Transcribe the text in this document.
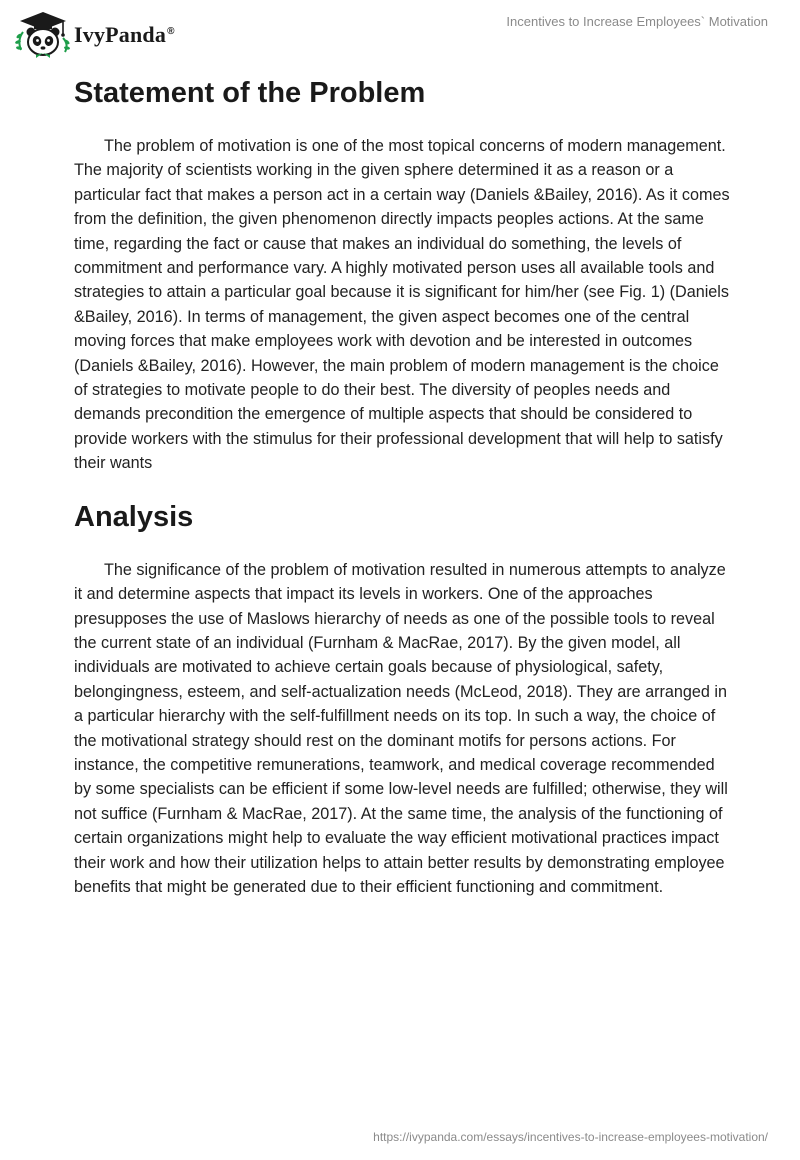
IvyPanda®
Incentives to Increase Employees` Motivation
Statement of the Problem

The problem of motivation is one of the most topical concerns of modern management. The majority of scientists working in the given sphere determined it as a reason or a particular fact that makes a person act in a certain way (Daniels &Bailey, 2016). As it comes from the definition, the given phenomenon directly impacts peoples actions. At the same time, regarding the fact or cause that makes an individual do something, the levels of commitment and performance vary. A highly motivated person uses all available tools and strategies to attain a particular goal because it is significant for him/her (see Fig. 1) (Daniels &Bailey, 2016). In terms of management, the given aspect becomes one of the central moving forces that make employees work with devotion and be interested in outcomes (Daniels &Bailey, 2016). However, the main problem of modern management is the choice of strategies to motivate people to do their best. The diversity of peoples needs and demands precondition the emergence of multiple aspects that should be considered to provide workers with the stimulus for their professional development that will help to satisfy their wants

Analysis

The significance of the problem of motivation resulted in numerous attempts to analyze it and determine aspects that impact its levels in workers. One of the approaches presupposes the use of Maslows hierarchy of needs as one of the possible tools to reveal the current state of an individual (Furnham & MacRae, 2017). By the given model, all individuals are motivated to achieve certain goals because of physiological, safety, belongingness, esteem, and self-actualization needs (McLeod, 2018). They are arranged in a particular hierarchy with the self-fulfillment needs on its top. In such a way, the choice of the motivational strategy should rest on the dominant motifs for persons actions. For instance, the competitive remunerations, teamwork, and medical coverage recommended by some specialists can be efficient if some low-level needs are fulfilled; otherwise, they will not suffice (Furnham & MacRae, 2017). At the same time, the analysis of the functioning of certain organizations might help to evaluate the way efficient motivational practices impact their work and how their utilization helps to attain better results by demonstrating employee benefits that might be generated due to their efficient functioning and commitment.

https://ivypanda.com/essays/incentives-to-increase-employees-motivation/
